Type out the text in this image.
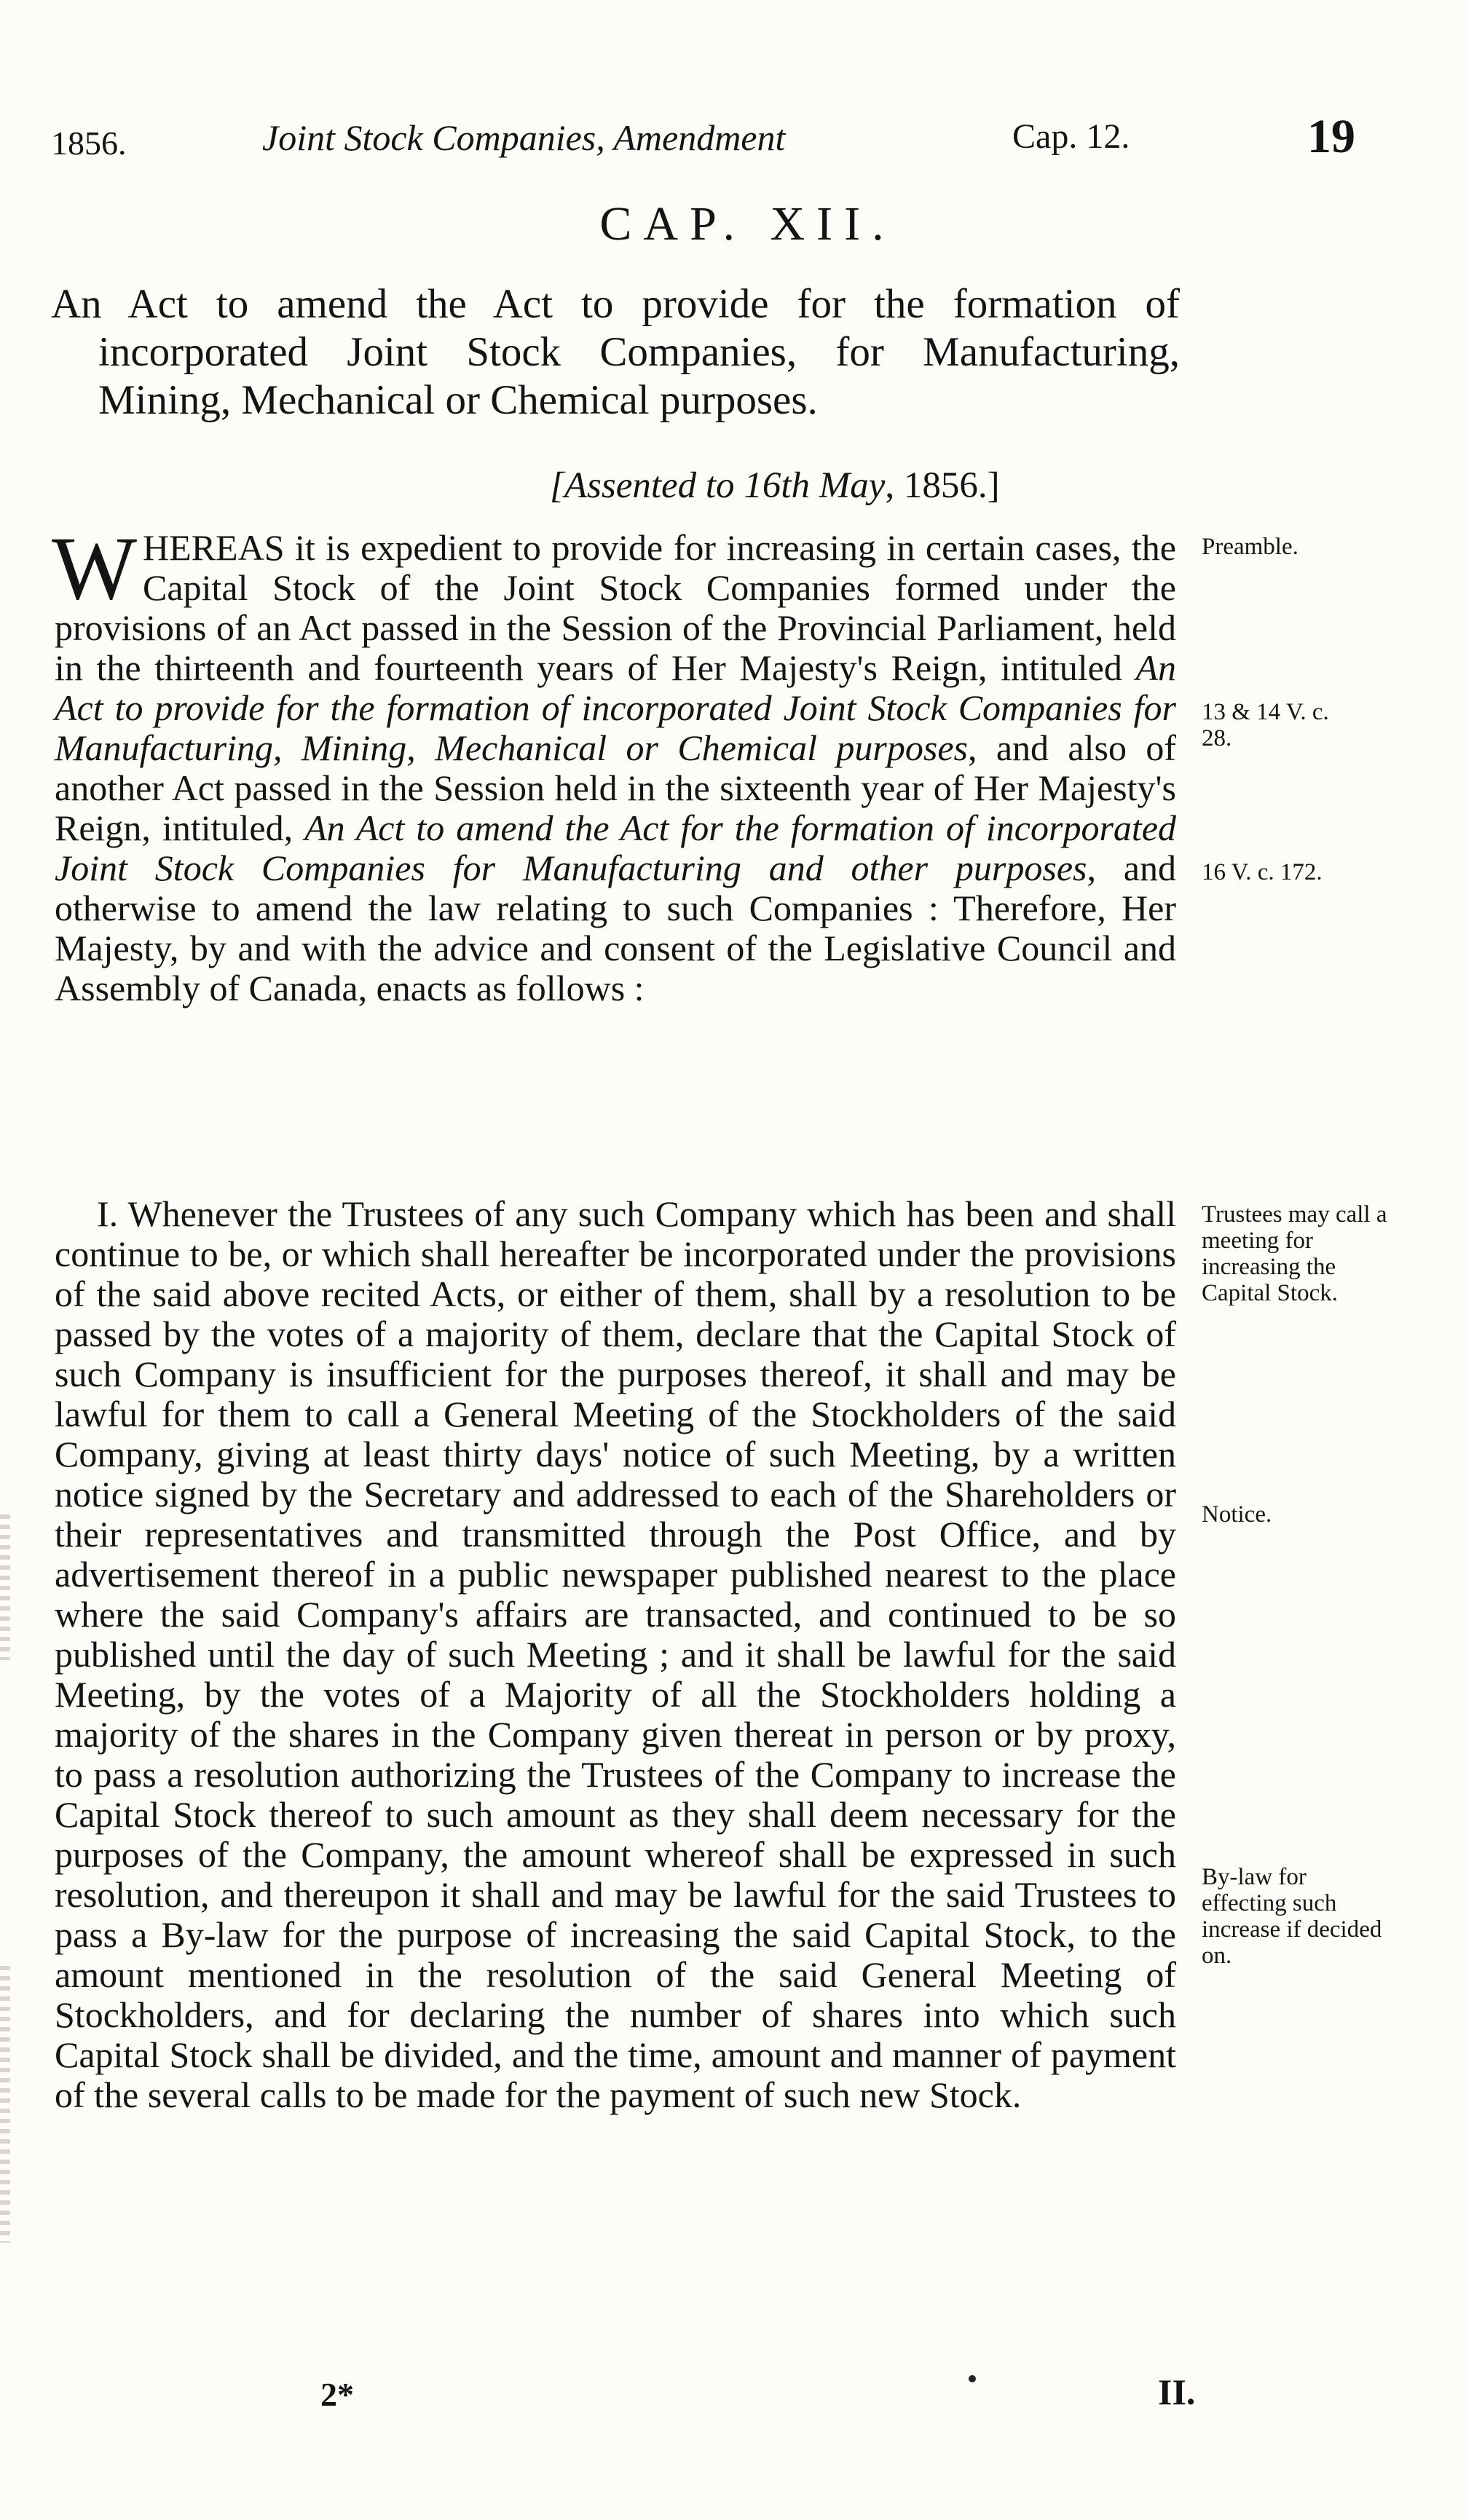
1856.	Joint Stock Companies, Amendment	Cap. 12.	19
CAP. XII.
An Act to amend the Act to provide for the formation of incorporated Joint Stock Companies, for Manufacturing, Mining, Mechanical or Chemical purposes.
[Assented to 16th May, 1856.]
W HEREAS it is expedient to provide for increasing in certain cases, the Capital Stock of the Joint Stock Companies formed under the provisions of an Act passed in the Session of the Provincial Parliament, held in the thirteenth and fourteenth years of Her Majesty's Reign, intituled An Act to provide for the formation of incorporated Joint Stock Companies for Manufacturing, Mining, Mechanical or Chemical purposes, and also of another Act passed in the Session held in the sixteenth year of Her Majesty's Reign, intituled, An Act to amend the Act for the formation of incorporated Joint Stock Companies for Manufacturing and other purposes, and otherwise to amend the law relating to such Companies : Therefore, Her Majesty, by and with the advice and consent of the Legislative Council and Assembly of Canada, enacts as follows :

I. Whenever the Trustees of any such Company which has been and shall continue to be, or which shall hereafter be incorporated under the provisions of the said above recited Acts, or either of them, shall by a resolution to be passed by the votes of a majority of them, declare that the Capital Stock of such Company is insufficient for the purposes thereof, it shall and may be lawful for them to call a General Meeting of the Stockholders of the said Company, giving at least thirty days' notice of such Meeting, by a written notice signed by the Secretary and addressed to each of the Shareholders or their representatives and transmitted through the Post Office, and by advertisement thereof in a public newspaper published nearest to the place where the said Company's affairs are transacted, and continued to be so published until the day of such Meeting ; and it shall be lawful for the said Meeting, by the votes of a Majority of all the Stockholders holding a majority of the shares in the Company given thereat in person or by proxy, to pass a resolution authorizing the Trustees of the Company to increase the Capital Stock thereof to such amount as they shall deem necessary for the purposes of the Company, the amount whereof shall be expressed in such resolution, and thereupon it shall and may be lawful for the said Trustees to pass a By-law for the purpose of increasing the said Capital Stock, to the amount mentioned in the resolution of the said General Meeting of Stockholders, and for declaring the number of shares into which such Capital Stock shall be divided, and the time, amount and manner of payment of the several calls to be made for the payment of such new Stock.

Preamble.
13 & 14 V. c. 28.
16 V. c. 172.
Trustees may call a meeting for increasing the Capital Stock.
Notice.
By-law for effecting such increase if decided on.
2*	II.
